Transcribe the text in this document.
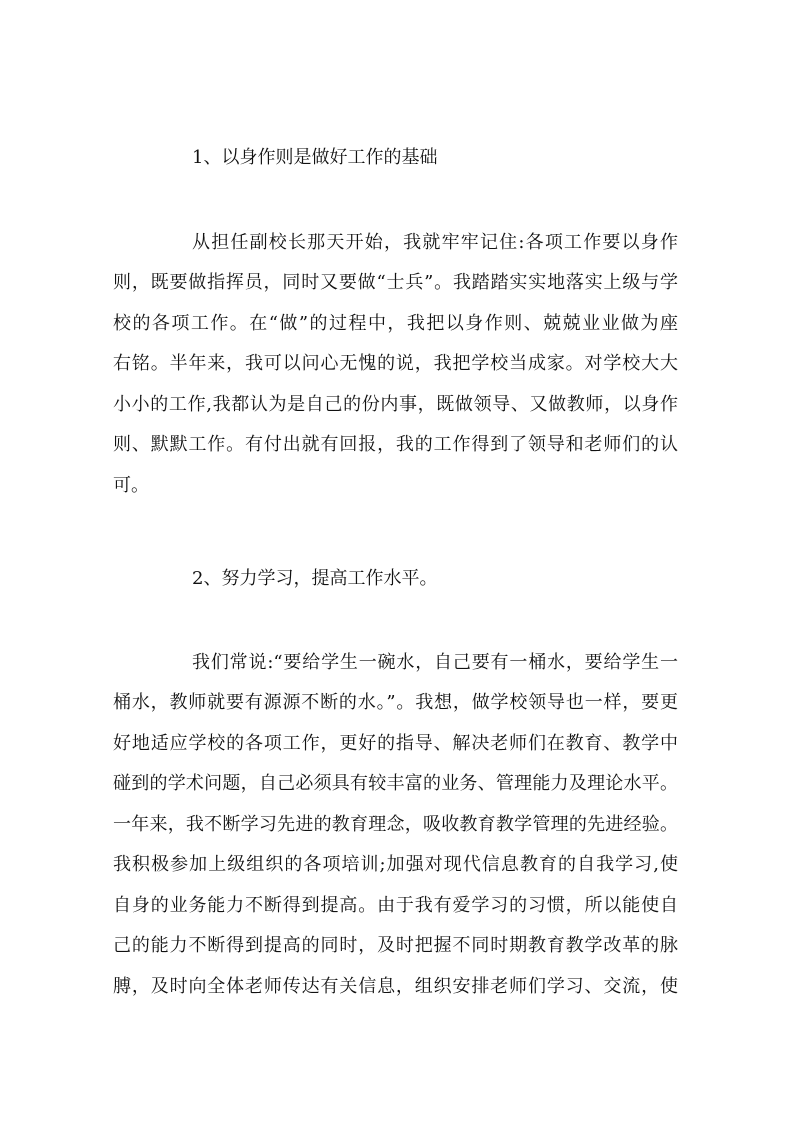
1、以身作则是做好工作的基础

从担任副校长那天开始，我就牢牢记住:各项工作要以身作

则，既要做指挥员，同时又要做“士兵”。我踏踏实实地落实上级与学

校的各项工作。在“做”的过程中，我把以身作则、兢兢业业做为座

右铭。半年来，我可以问心无愧的说，我把学校当成家。对学校大大

小小的工作,我都认为是自己的份内事，既做领导、又做教师，以身作

则、默默工作。有付出就有回报，我的工作得到了领导和老师们的认

可。

2、努力学习，提高工作水平。

我们常说:“要给学生一碗水，自己要有一桶水，要给学生一

桶水，教师就要有源源不断的水。”。我想，做学校领导也一样，要更

好地适应学校的各项工作，更好的指导、解决老师们在教育、教学中

碰到的学术问题，自己必须具有较丰富的业务、管理能力及理论水平。

一年来，我不断学习先进的教育理念，吸收教育教学管理的先进经验。

我积极参加上级组织的各项培训;加强对现代信息教育的自我学习,使

自身的业务能力不断得到提高。由于我有爱学习的习惯，所以能使自

己的能力不断得到提高的同时，及时把握不同时期教育教学改革的脉

膊，及时向全体老师传达有关信息，组织安排老师们学习、交流，使
